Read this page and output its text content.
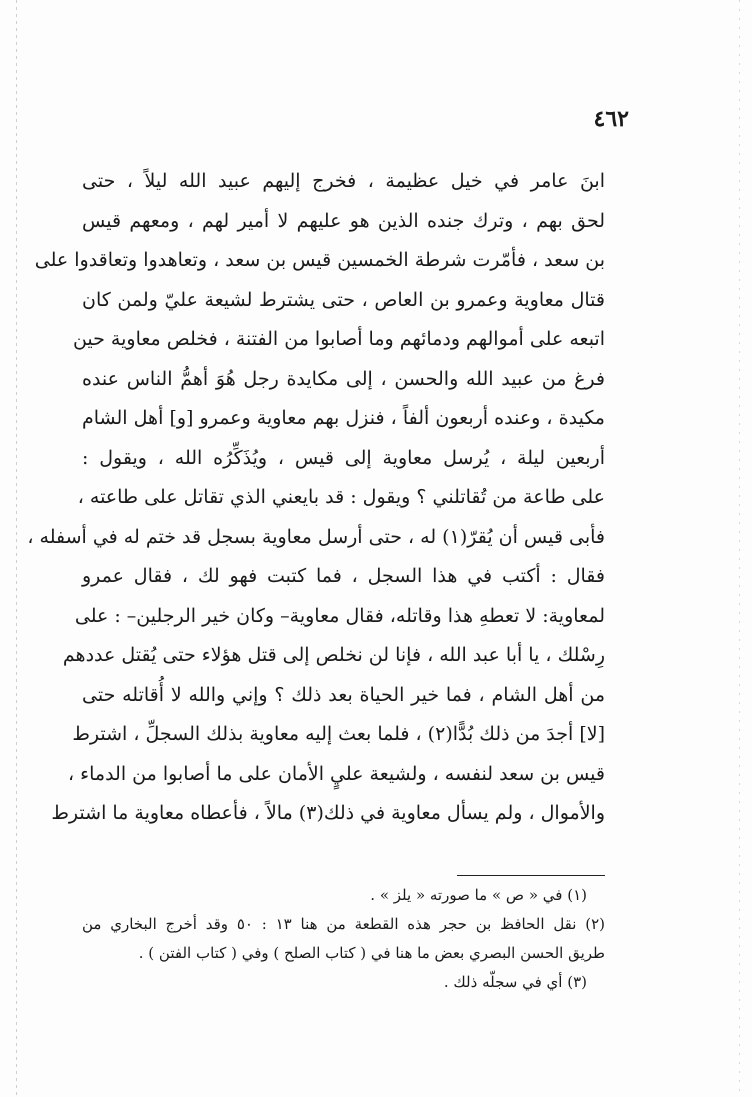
٤٦٢
ابنَ عامر في خيل عظيمة ، فخرج إليهم عبيد الله ليلاً ، حتى
لحق بهم ، وترك جنده الذين هو عليهم لا أمير لهم ، ومعهم قيس
بن سعد ، فأمّرت شرطة الخمسين قيس بن سعد ، وتعاهدوا وتعاقدوا على
قتال معاوية وعمرو بن العاص ، حتى يشترط لشيعة عليّ ولمن كان
اتبعه على أموالهم ودمائهم وما أصابوا من الفتنة ، فخلص معاوية حين
فرغ من عبيد الله والحسن ، إلى مكايدة رجل هُوَ أهمُّ الناس عنده
مكيدة ، وعنده أربعون ألفاً ، فنزل بهم معاوية وعمرو [و] أهل الشام
أربعين ليلة ، يُرسل معاوية إلى قيس ، ويُذَكِّرُه الله ، ويقول :
على طاعة من تُقاتلني ؟ ويقول : قد بايعني الذي تقاتل على طاعته ،
فأبى قيس أن يُقرّ(١) له ، حتى أرسل معاوية بسجل قد ختم له في أسفله ،
فقال : أكتب في هذا السجل ، فما كتبت فهو لك ، فقال عمرو
لمعاوية: لا تعطهِ هذا وقاتله، فقال معاوية– وكان خير الرجلين– : على
رِسْلك ، يا أبا عبد الله ، فإنا لن نخلص إلى قتل هؤلاء حتى يُقتل عددهم
من أهل الشام ، فما خير الحياة بعد ذلك ؟ وإني والله لا أُقاتله حتى
[لا] أجدَ من ذلك بُدًّا(٢) ، فلما بعث إليه معاوية بذلك السجلِّ ، اشترط
قيس بن سعد لنفسه ، ولشيعة عليٍ الأمان على ما أصابوا من الدماء ،
والأموال ، ولم يسأل معاوية في ذلك(٣) مالاً ، فأعطاه معاوية ما اشترط
(١) في « ص » ما صورته « يلز » .
(٢) نقل الحافظ بن حجر هذه القطعة من هنا ١٣ : ٥٠ وقد أخرج البخاري من
طريق الحسن البصري بعض ما هنا في ( كتاب الصلح ) وفي ( كتاب الفتن ) .
(٣) أي في سجلّه ذلك .
